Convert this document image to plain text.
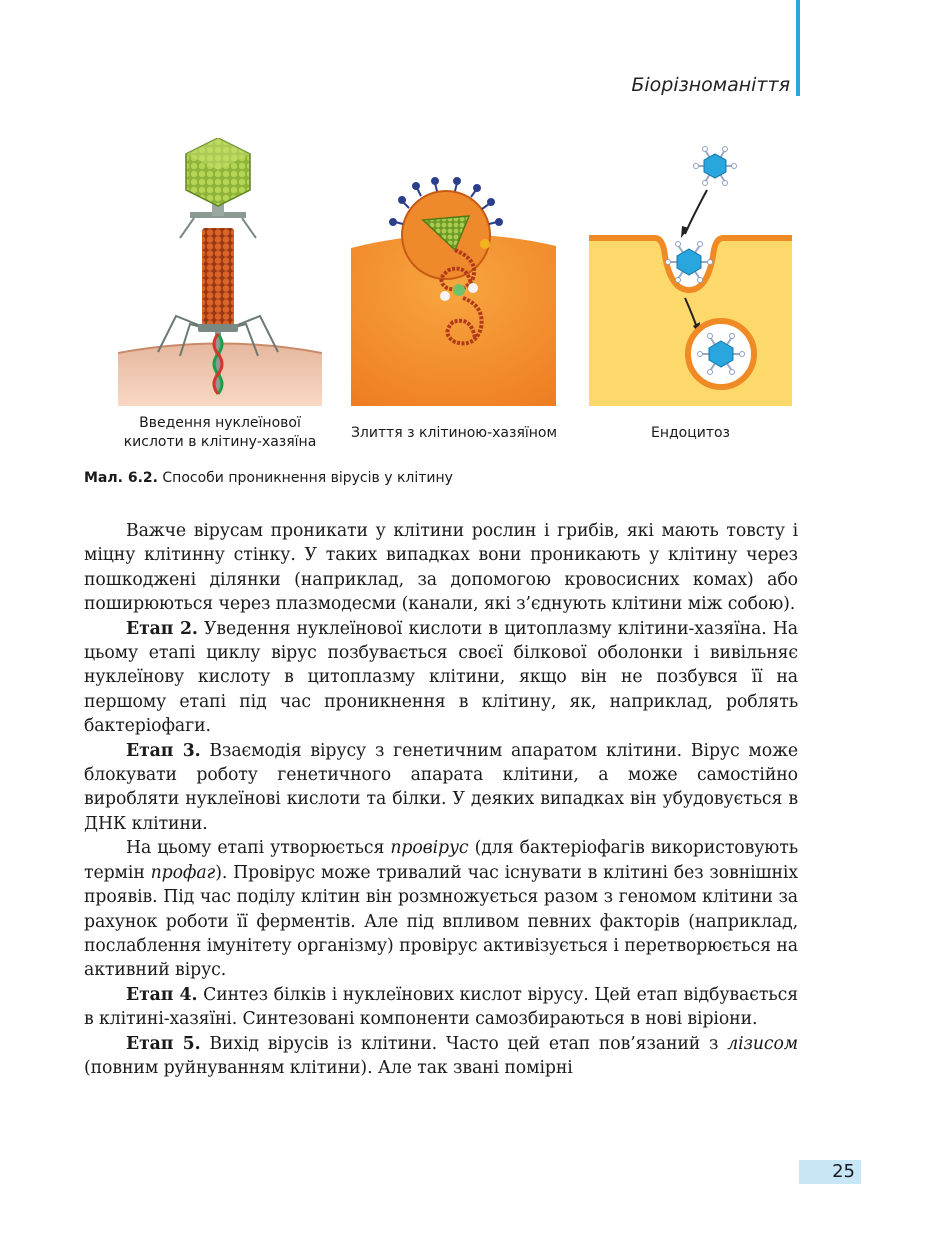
Біорізноманіття
Введення нуклеїнової
кислоти в клітину-хазяїна
Злиття з клітиною-хазяїном	Ендоцитоз
Мал. 6.2. Способи проникнення вірусів у клітину

Важче вірусам проникати у клітини рослин і грибів, які мають товсту і міцну клітинну стінку. У таких випадках вони проникають у клітину через пошкоджені ділянки (наприклад, за допомогою кровосисних комах) або поширюються через плазмодесми (канали, які з’єднують клітини між собою).

Етап 2. Уведення нуклеїнової кислоти в цитоплазму клітини-хазяїна. На цьому етапі циклу вірус позбувається своєї білкової оболонки і вивільняє нуклеїнову кислоту в цитоплазму клітини, якщо він не позбувся її на першому етапі під час проникнення в клітину, як, наприклад, роблять бактеріофаги.

Етап 3. Взаємодія вірусу з генетичним апаратом клітини. Вірус може блокувати роботу генетичного апарата клітини, а може самостійно виробляти нуклеїнові кислоти та білки. У деяких випадках він убудовується в ДНК клітини.

На цьому етапі утворюється провірус (для бактеріофагів використовують термін профаг). Провірус може тривалий час існувати в клітині без зовнішніх проявів. Під час поділу клітин він розмножується разом з геномом клітини за рахунок роботи її ферментів. Але під впливом певних факторів (наприклад, послаблення імунітету організму) провірус активізується і перетворюється на активний вірус.

Етап 4. Синтез білків і нуклеїнових кислот вірусу. Цей етап відбувається в клітині-хазяїні. Синтезовані компоненти самозбираються в нові віріони.

Етап 5. Вихід вірусів із клітини. Часто цей етап пов’язаний з лізисом (повним руйнуванням клітини). Але так звані помірні

25
